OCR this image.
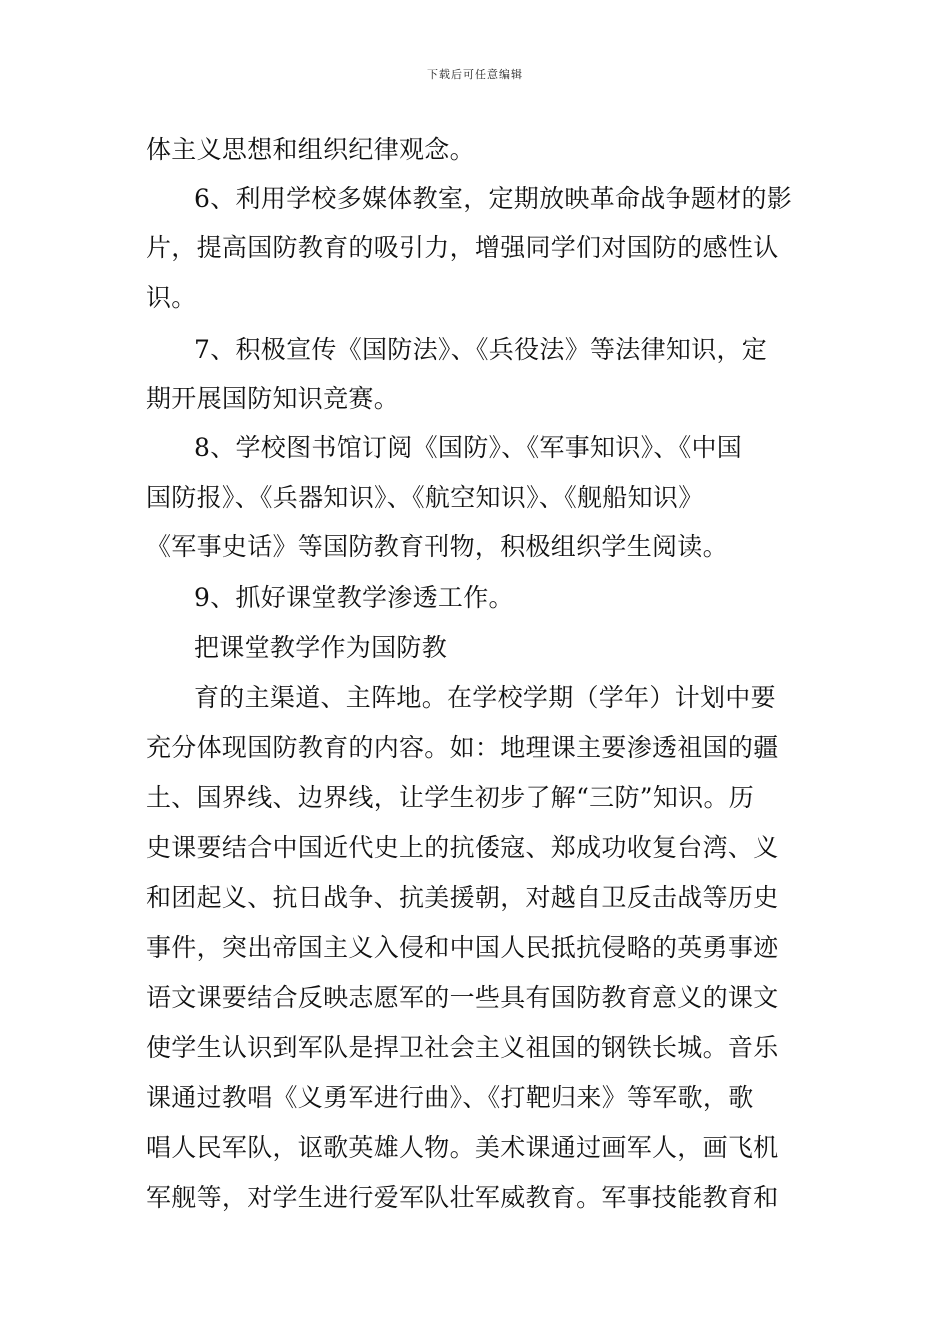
下载后可任意编辑
体主义思想和组织纪律观念。
6、利用学校多媒体教室，定期放映革命战争题材的影
片，提高国防教育的吸引力，增强同学们对国防的感性认
识。
7、积极宣传《国防法》、《兵役法》等法律知识，定
期开展国防知识竞赛。
8、学校图书馆订阅《国防》、《军事知识》、《中国
国防报》、《兵器知识》、《航空知识》、《舰船知识》
《军事史话》等国防教育刊物，积极组织学生阅读。
9、抓好课堂教学渗透工作。
把课堂教学作为国防教
育的主渠道、主阵地。在学校学期（学年）计划中要
充分体现国防教育的内容。如：地理课主要渗透祖国的疆
土、国界线、边界线，让学生初步了解“三防”知识。历
史课要结合中国近代史上的抗倭寇、郑成功收复台湾、义
和团起义、抗日战争、抗美援朝，对越自卫反击战等历史
事件，突出帝国主义入侵和中国人民抵抗侵略的英勇事迹
语文课要结合反映志愿军的一些具有国防教育意义的课文
使学生认识到军队是捍卫社会主义祖国的钢铁长城。音乐
课通过教唱《义勇军进行曲》、《打靶归来》等军歌，歌
唱人民军队，讴歌英雄人物。美术课通过画军人，画飞机
军舰等，对学生进行爱军队壮军威教育。军事技能教育和
